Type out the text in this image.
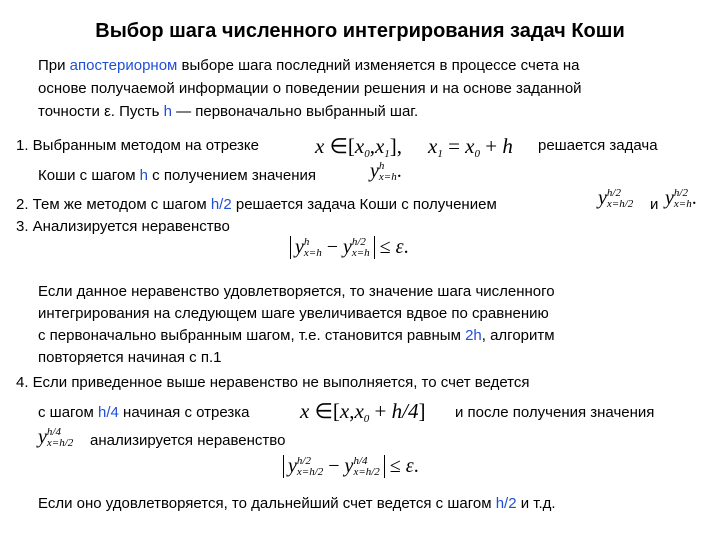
Выбор шага численного интегрирования задач Коши
При апостериорном выборе шага последний изменяется в процессе счета на
основе получаемой информации о поведении решения и на основе заданной
точности ε. Пусть h — первоначально выбранный шаг.
1. Выбранным методом на отрезке	x $\in[x_0,x_1]$, $x_1 = x_0 + h$ решается задача
Коши с шагом h с получением значения	yh
x=h.
2. Тем же методом с шагом h/2 решается задача Коши с получением	yh/2
x=h/2 и yh/2
x=h.
3. Анализируется неравенство
yh
x=h − yh/2
x=h ≤ ε.
Если данное неравенство удовлетворяется, то значение шага численного
интегрирования на следующем шаге увеличивается вдвое по сравнению
с первоначально выбранным шагом, т.е. становится равным 2h, алгоритм
повторяется начиная с п.1
4. Если приведенное выше неравенство не выполняется, то счет ведется
с шагом h/4 начиная с отрезка x $\in[x,x_0 + h/4]$ и после получения значения
yh/4
x=h/2 анализируется неравенство
yh/2
x=h/2 − yh/4
x=h/2 ≤ ε.
Если оно удовлетворяется, то дальнейший счет ведется с шагом h/2 и т.д.
